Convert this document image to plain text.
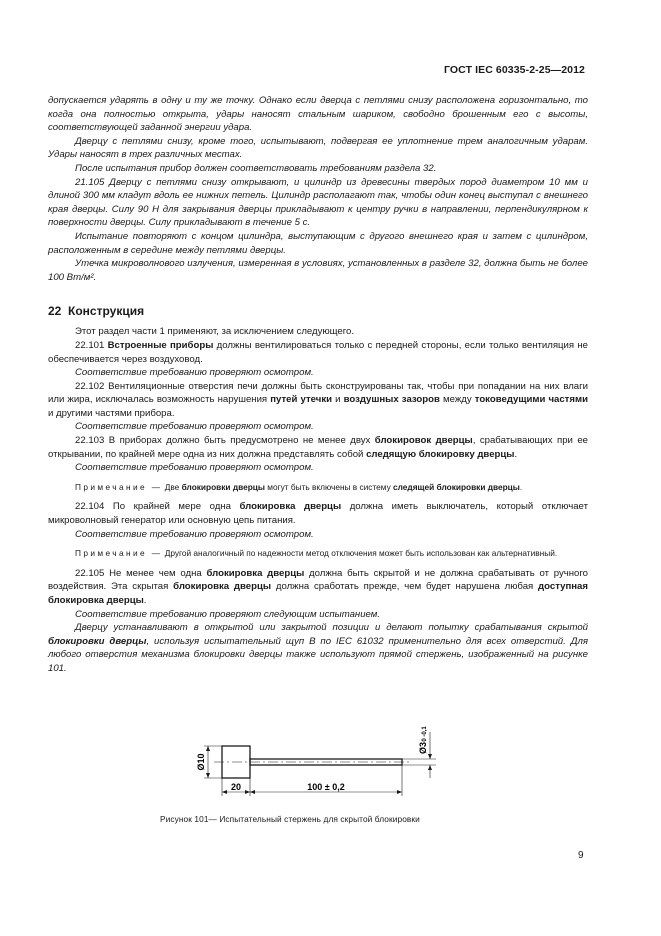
ГОСТ IEC 60335-2-25—2012

допускается ударять в одну и ту же точку. Однако если дверца с петлями снизу расположена горизонтально, то когда она полностью открыта, удары наносят стальным шариком, свободно брошенным его с высоты, соответствующей заданной энергии удара.

Дверцу с петлями снизу, кроме того, испытывают, подвергая ее уплотнение трем аналогичным ударам. Удары наносят в трех различных местах.

После испытания прибор должен соответствовать требованиям раздела 32.

21.105 Дверцу с петлями снизу открывают, и цилиндр из древесины твердых пород диаметром 10 мм и длиной 300 мм кладут вдоль ее нижних петель. Цилиндр располагают так, чтобы один конец выступал с внешнего края дверцы. Силу 90 Н для закрывания дверцы прикладывают к центру ручки в направлении, перпендикулярном к поверхности дверцы. Силу прикладывают в течение 5 с.

Испытание повторяют с концом цилиндра, выступающим с другого внешнего края и затем с цилиндром, расположенным в середине между петлями дверцы.

Утечка микроволнового излучения, измеренная в условиях, установленных в разделе 32, должна быть не более 100 Вт/м².

22 Конструкция

Этот раздел части 1 применяют, за исключением следующего.

22.101 Встроенные приборы должны вентилироваться только с передней стороны, если только вентиляция не обеспечивается через воздуховод.

Соответствие требованию проверяют осмотром.

22.102 Вентиляционные отверстия печи должны быть сконструированы так, чтобы при попадании на них влаги или жира, исключалась возможность нарушения путей утечки и воздушных зазоров между токоведущими частями и другими частями прибора.

Соответствие требованию проверяют осмотром.

22.103 В приборах должно быть предусмотрено не менее двух блокировок дверцы, срабатывающих при ее открывании, по крайней мере одна из них должна представлять собой следящую блокировку дверцы.

Соответствие требованию проверяют осмотром.

Примечание — Две блокировки дверцы могут быть включены в систему следящей блокировки дверцы.

22.104 По крайней мере одна блокировка дверцы должна иметь выключатель, который отключает микроволновый генератор или основную цепь питания.

Соответствие требованию проверяют осмотром.

Примечание — Другой аналогичный по надежности метод отключения может быть использован как альтернативный.

22.105 Не менее чем одна блокировка дверцы должна быть скрытой и не должна срабатывать от ручного воздействия. Эта скрытая блокировка дверцы должна сработать прежде, чем будет нарушена любая доступная блокировка дверцы.

Соответствие требованию проверяют следующим испытанием.

Дверцу устанавливают в открытой или закрытой позиции и делают попытку срабатывания скрытой блокировки дверцы, используя испытательный щуп В по IEC 61032 применительно для всех отверстий. Для любого отверстия механизма блокировки дверцы также используют прямой стержень, изображенный на рисунке 101.

Ø10
20	100 ± 0,2
Ø3
0 -0,1
Рисунок 101— Испытательный стержень для скрытой блокировки
9
